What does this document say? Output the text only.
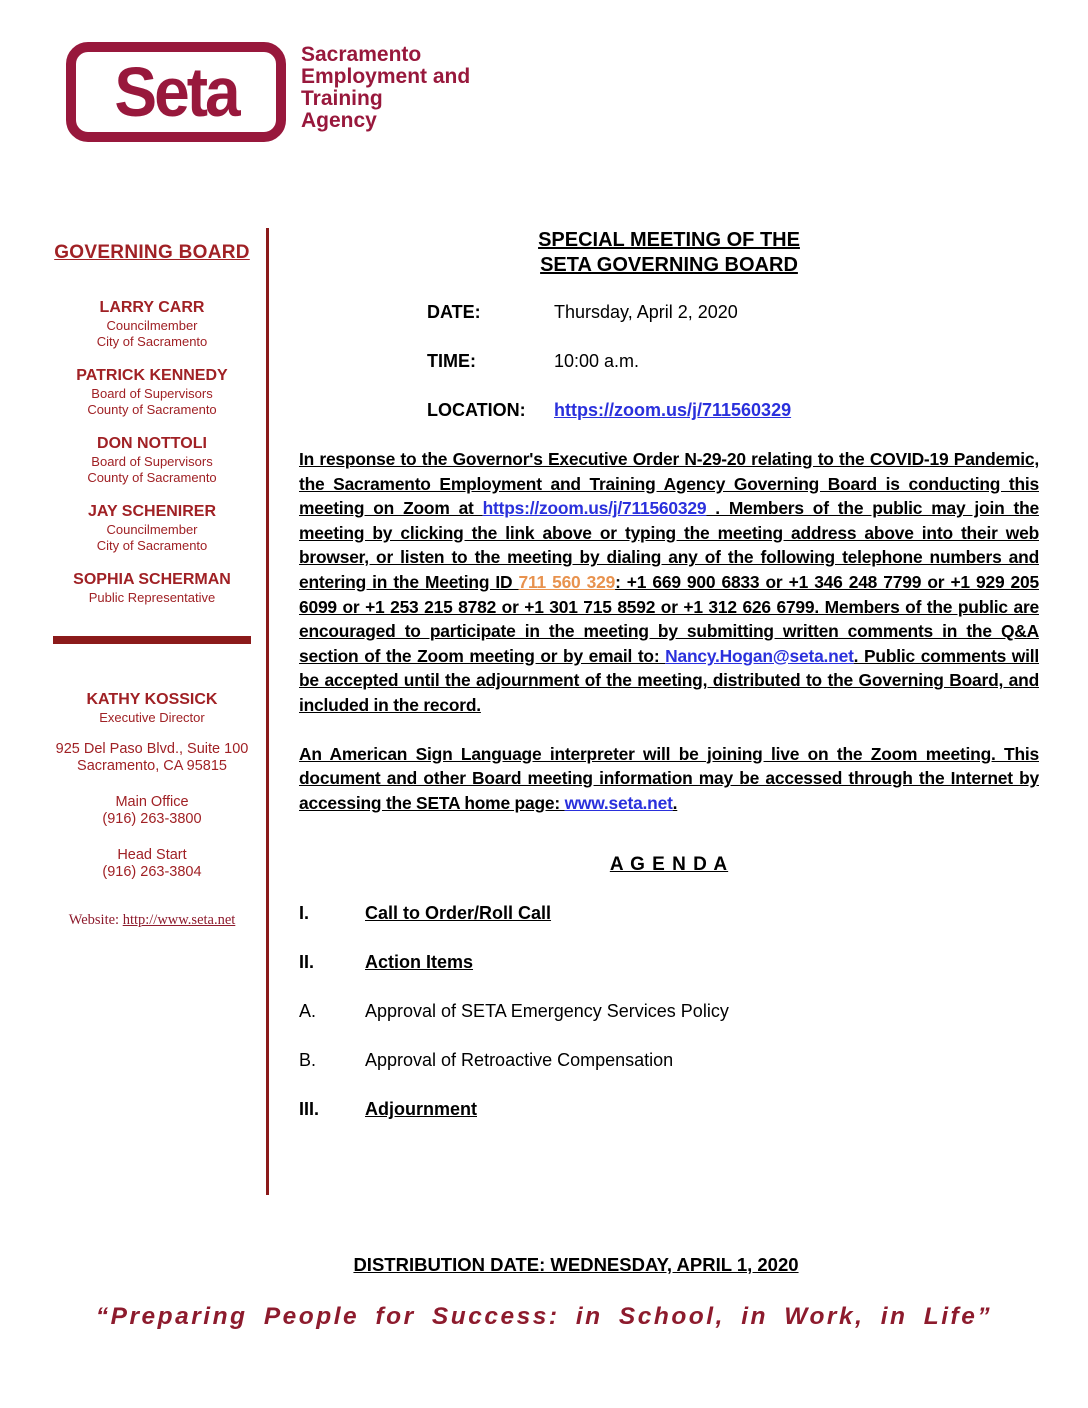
Seta	Sacramento
Employment and
Training
Agency
GOVERNING BOARD
LARRY CARR
Councilmember
City of Sacramento
PATRICK KENNEDY
Board of Supervisors
County of Sacramento
DON NOTTOLI
Board of Supervisors
County of Sacramento
JAY SCHENIRER
Councilmember
City of Sacramento
SOPHIA SCHERMAN
Public Representative
KATHY KOSSICK
Executive Director
925 Del Paso Blvd., Suite 100
Sacramento, CA 95815
Main Office
(916) 263-3800
Head Start
(916) 263-3804
Website: http://www.seta.net
SPECIAL MEETING OF THE
SETA GOVERNING BOARD
DATE:	Thursday, April 2, 2020
TIME:	10:00 a.m.
LOCATION:	https://zoom.us/j/711560329

In response to the Governor's Executive Order N-29-20 relating to the COVID-19 Pandemic, the Sacramento Employment and Training Agency Governing Board is conducting this meeting on Zoom at https://zoom.us/j/711560329 . Members of the public may join the meeting by clicking the link above or typing the meeting address above into their web browser, or listen to the meeting by dialing any of the following telephone numbers and entering in the Meeting ID 711 560 329: +1 669 900 6833 or +1 346 248 7799 or +1 929 205 6099 or +1 253 215 8782 or +1 301 715 8592 or +1 312 626 6799. Members of the public are encouraged to participate in the meeting by submitting written comments in the Q&A section of the Zoom meeting or by email to: Nancy.Hogan@seta.net. Public comments will be accepted until the adjournment of the meeting, distributed to the Governing Board, and included in the record.

An American Sign Language interpreter will be joining live on the Zoom meeting. This document and other Board meeting information may be accessed through the Internet by accessing the SETA home page: www.seta.net.

A G E N D A
I.	Call to Order/Roll Call
II.	Action Items
A.	Approval of SETA Emergency Services Policy
B.	Approval of Retroactive Compensation
III.	Adjournment
DISTRIBUTION DATE: WEDNESDAY, APRIL 1, 2020
“Preparing People for Success: in School, in Work, in Life”
